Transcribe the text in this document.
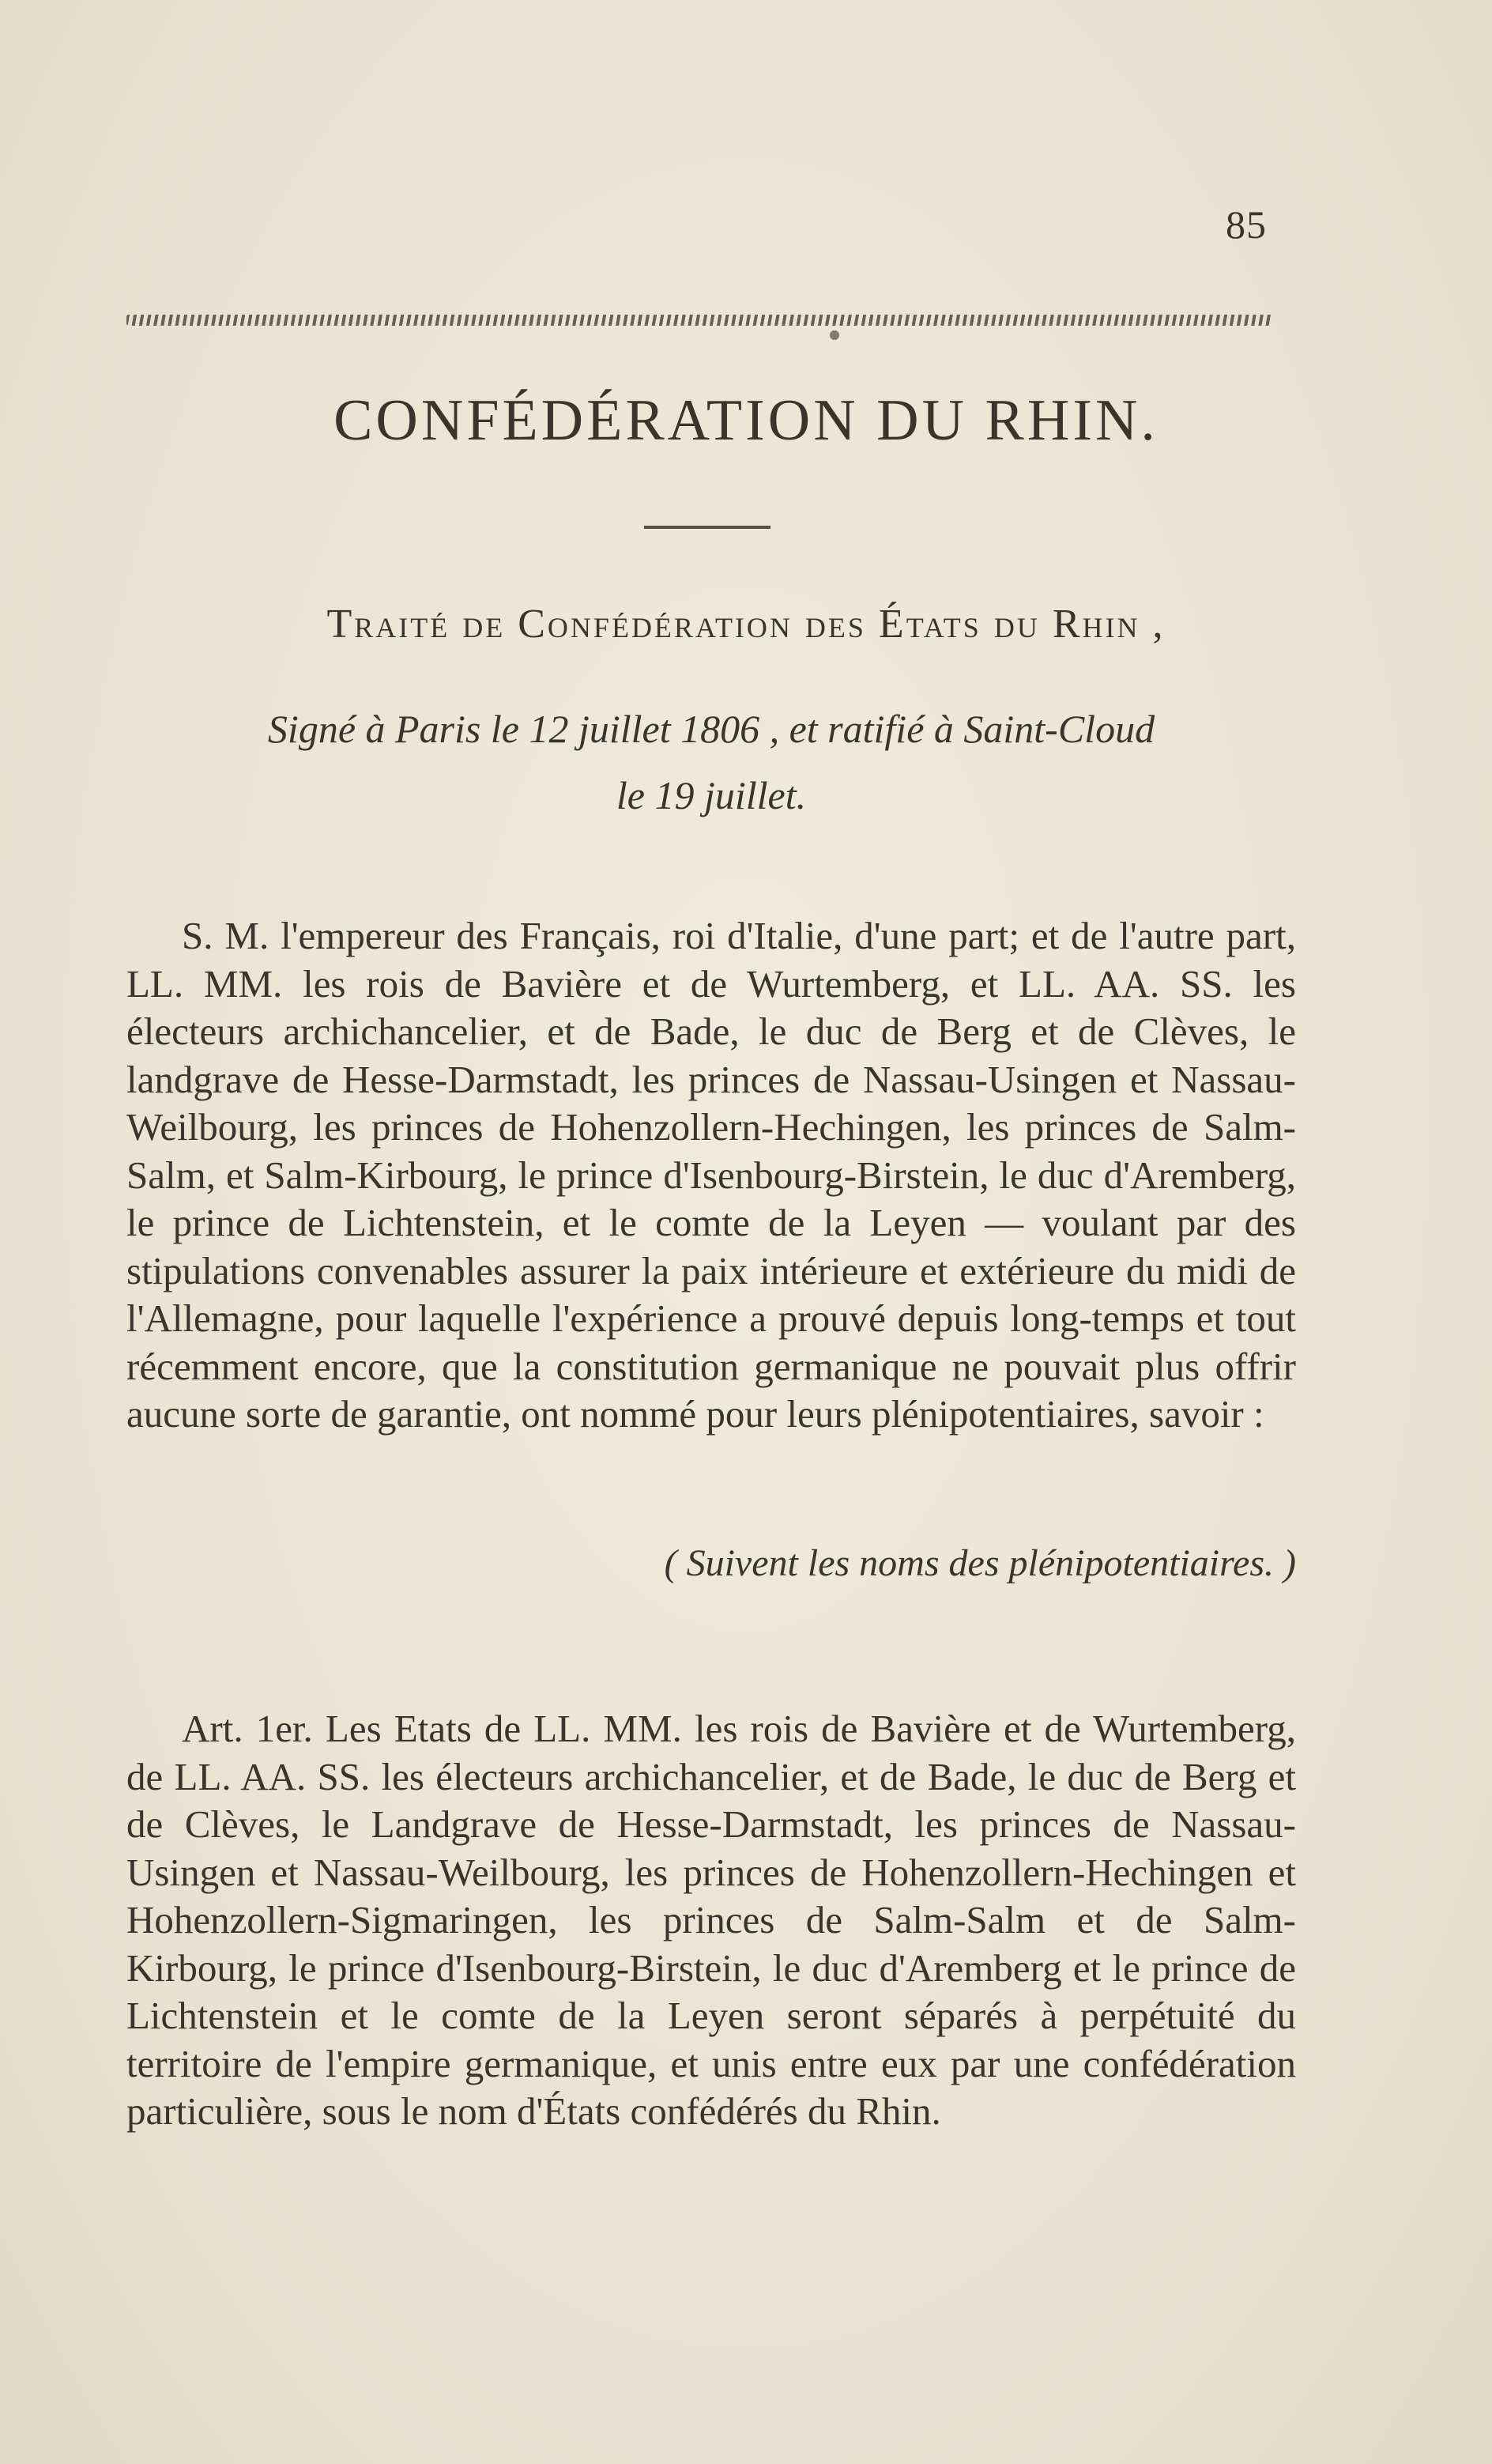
85
CONFÉDÉRATION DU RHIN.
Traité de Confédération des États du Rhin ,
Signé à Paris le 12 juillet 1806 , et ratifié à Saint-Cloud
le 19 juillet.

S. M. l'empereur des Français, roi d'Italie, d'une part; et de l'autre part, LL. MM. les rois de Bavière et de Wurtemberg, et LL. AA. SS. les électeurs archichancelier, et de Bade, le duc de Berg et de Clèves, le landgrave de Hesse-Darmstadt, les princes de Nassau-Usingen et Nassau-Weilbourg, les princes de Hohenzollern-Hechingen, les princes de Salm-Salm, et Salm-Kirbourg, le prince d'Isenbourg-Birstein, le duc d'Aremberg, le prince de Lichtenstein, et le comte de la Leyen — voulant par des stipulations convenables assurer la paix intérieure et extérieure du midi de l'Allemagne, pour laquelle l'expérience a prouvé depuis long-temps et tout récemment encore, que la constitution germanique ne pouvait plus offrir aucune sorte de garantie, ont nommé pour leurs plénipotentiaires, savoir :

( Suivent les noms des plénipotentiaires. )

Art. 1er. Les Etats de LL. MM. les rois de Bavière et de Wurtemberg, de LL. AA. SS. les électeurs archichancelier, et de Bade, le duc de Berg et de Clèves, le Landgrave de Hesse-Darmstadt, les princes de Nassau-Usingen et Nassau-Weilbourg, les princes de Hohenzollern-Hechingen et Hohenzollern-Sigmaringen, les princes de Salm-Salm et de Salm-Kirbourg, le prince d'Isenbourg-Birstein, le duc d'Aremberg et le prince de Lichtenstein et le comte de la Leyen seront séparés à perpétuité du territoire de l'empire germanique, et unis entre eux par une confédération particulière, sous le nom d'États confédérés du Rhin.
